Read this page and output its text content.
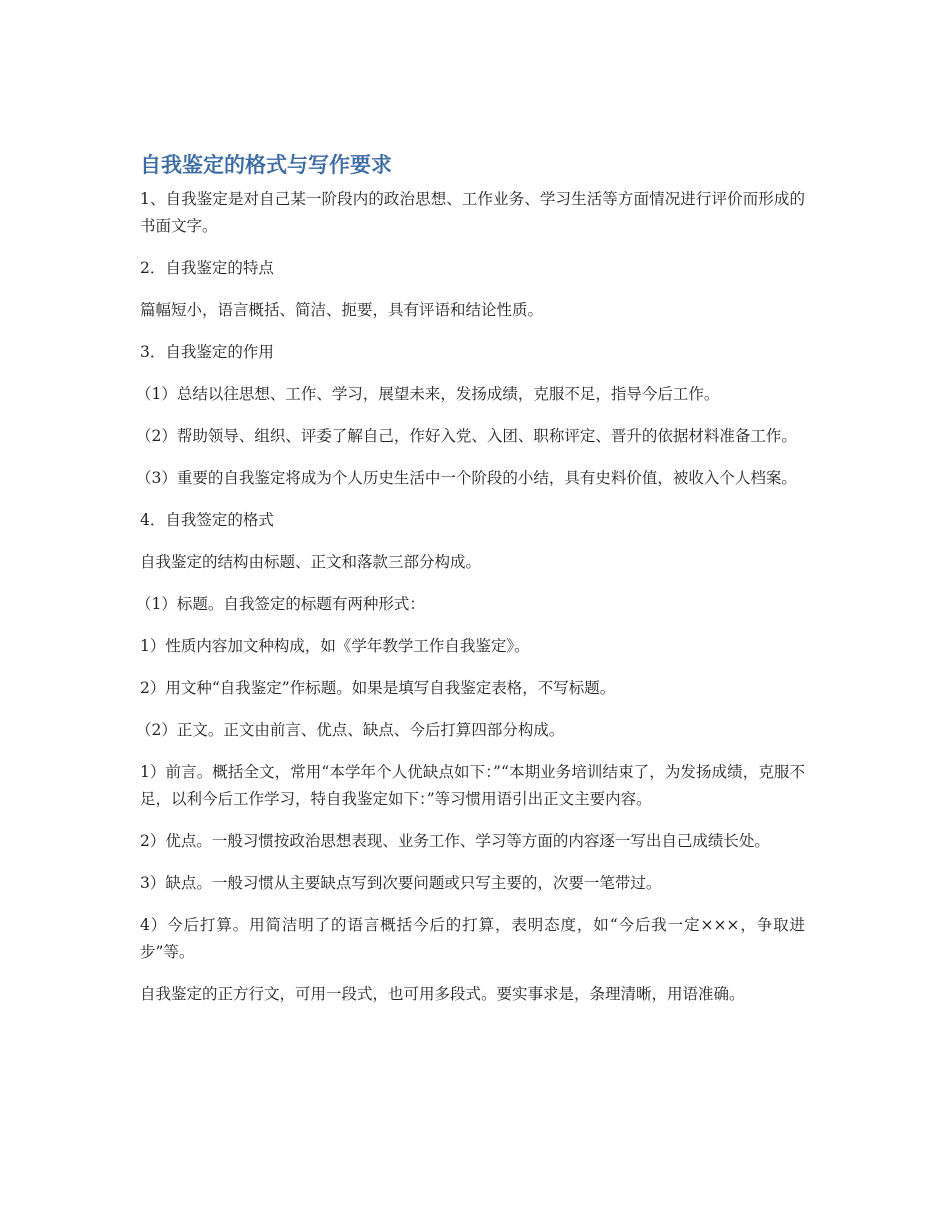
自我鉴定的格式与写作要求

1、自我鉴定是对自己某一阶段内的政治思想、工作业务、学习生活等方面情况进行评价而形成的书面文字。

2．自我鉴定的特点

篇幅短小，语言概括、简洁、扼要，具有评语和结论性质。

3．自我鉴定的作用

（1）总结以往思想、工作、学习，展望未来，发扬成绩，克服不足，指导今后工作。

（2）帮助领导、组织、评委了解自己，作好入党、入团、职称评定、晋升的依据材料准备工作。

（3）重要的自我鉴定将成为个人历史生活中一个阶段的小结，具有史料价值，被收入个人档案。

4．自我签定的格式

自我鉴定的结构由标题、正文和落款三部分构成。

（1）标题。自我签定的标题有两种形式：

1）性质内容加文种构成，如《学年教学工作自我鉴定》。

2）用文种“自我鉴定”作标题。如果是填写自我鉴定表格，不写标题。

（2）正文。正文由前言、优点、缺点、今后打算四部分构成。

1）前言。概括全文，常用“本学年个人优缺点如下：”“本期业务培训结束了，为发扬成绩，克服不足，以利今后工作学习，特自我鉴定如下：”等习惯用语引出正文主要内容。

2）优点。一般习惯按政治思想表现、业务工作、学习等方面的内容逐一写出自己成绩长处。

3）缺点。一般习惯从主要缺点写到次要问题或只写主要的，次要一笔带过。

4）今后打算。用简洁明了的语言概括今后的打算，表明态度，如“今后我一定×××，争取进步”等。

自我鉴定的正方行文，可用一段式，也可用多段式。要实事求是，条理清晰，用语准确。
